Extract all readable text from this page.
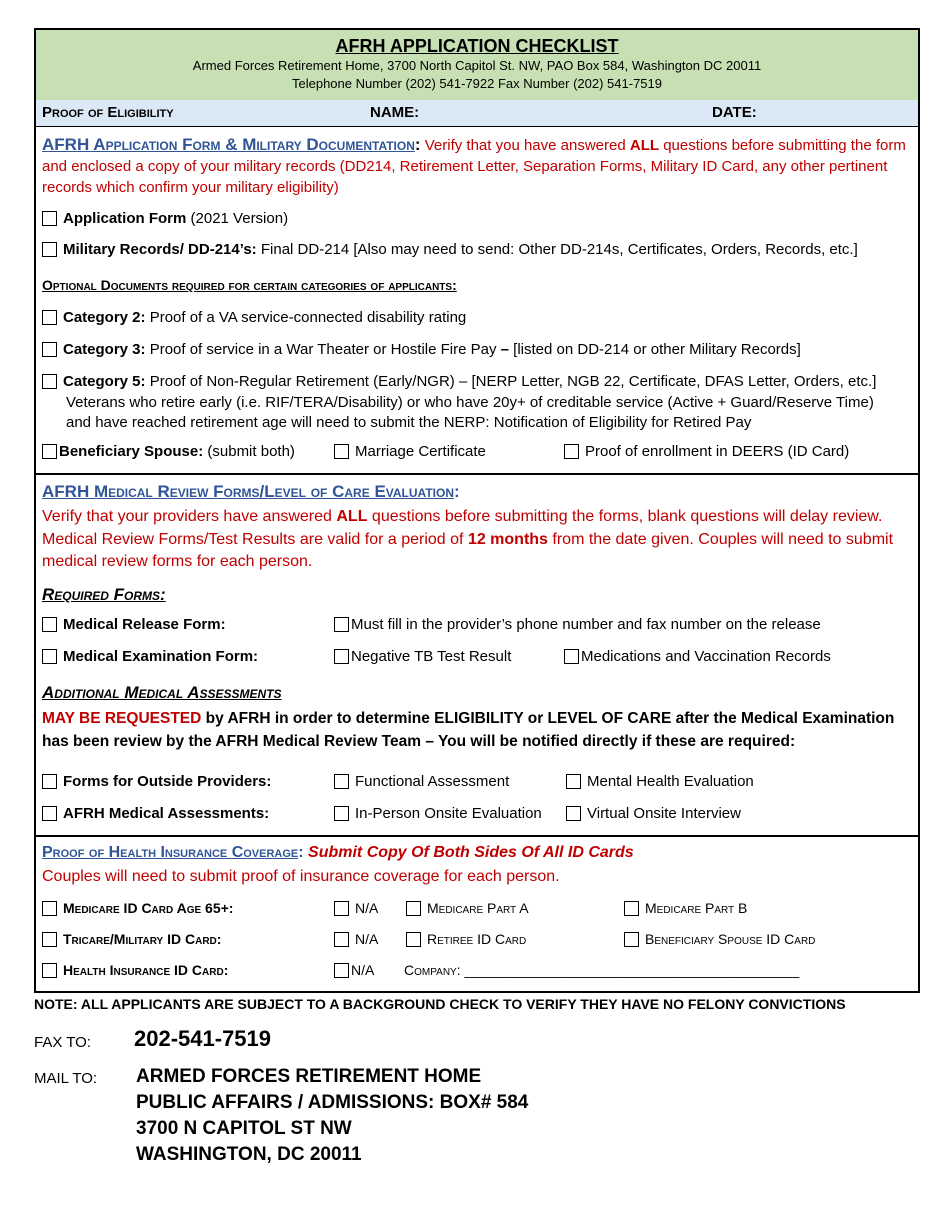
AFRH APPLICATION CHECKLIST
Armed Forces Retirement Home, 3700 North Capitol St. NW, PAO Box 584, Washington DC 20011
Telephone Number (202) 541-7922 Fax Number (202) 541-7519
Proof of Eligibility	NAME:	DATE:
AFRH Application Form & Military Documentation: Verify that you have answered ALL questions before submitting the form and enclosed a copy of your military records (DD214, Retirement Letter, Separation Forms, Military ID Card, any other pertinent records which confirm your military eligibility)
Application Form (2021 Version)
Military Records/ DD-214’s: Final DD-214 [Also may need to send: Other DD-214s, Certificates, Orders, Records, etc.]
Optional Documents required for certain categories of applicants:
Category 2: Proof of a VA service-connected disability rating
Category 3: Proof of service in a War Theater or Hostile Fire Pay – [listed on DD-214 or other Military Records]
Category 5: Proof of Non-Regular Retirement (Early/NGR) – [NERP Letter, NGB 22, Certificate, DFAS Letter, Orders, etc.]
Veterans who retire early (i.e. RIF/TERA/Disability) or who have 20y+ of creditable service (Active + Guard/Reserve Time)
and have reached retirement age will need to submit the NERP: Notification of Eligibility for Retired Pay
Beneficiary Spouse: (submit both)	Marriage Certificate	Proof of enrollment in DEERS (ID Card)
AFRH Medical Review Forms/Level of Care Evaluation:
Verify that your providers have answered ALL questions before submitting the forms, blank questions will delay review. Medical Review Forms/Test Results are valid for a period of 12 months from the date given. Couples will need to submit medical review forms for each person.
Required Forms:
Medical Release Form:	Must fill in the provider’s phone number and fax number on the release
Medical Examination Form:	Negative TB Test Result	Medications and Vaccination Records
Additional Medical Assessments
MAY BE REQUESTED by AFRH in order to determine ELIGIBILITY or LEVEL OF CARE after the Medical Examination has been review by the AFRH Medical Review Team – You will be notified directly if these are required:
Forms for Outside Providers:	Functional Assessment	Mental Health Evaluation
AFRH Medical Assessments:	In-Person Onsite Evaluation	Virtual Onsite Interview
Proof of Health Insurance Coverage: Submit Copy Of Both Sides Of All ID Cards
Couples will need to submit proof of insurance coverage for each person.
Medicare ID Card Age 65+:	N/A	Medicare Part A	Medicare Part B
Tricare/Military ID Card:	N/A	Retiree ID Card	Beneficiary Spouse ID Card
Health Insurance ID Card:	N/A Company: ___________________________________________
NOTE: ALL APPLICANTS ARE SUBJECT TO A BACKGROUND CHECK TO VERIFY THEY HAVE NO FELONY CONVICTIONS
FAX TO: 202-541-7519
MAIL TO: ARMED FORCES RETIREMENT HOME
PUBLIC AFFAIRS / ADMISSIONS: BOX# 584
3700 N CAPITOL ST NW
WASHINGTON, DC 20011
